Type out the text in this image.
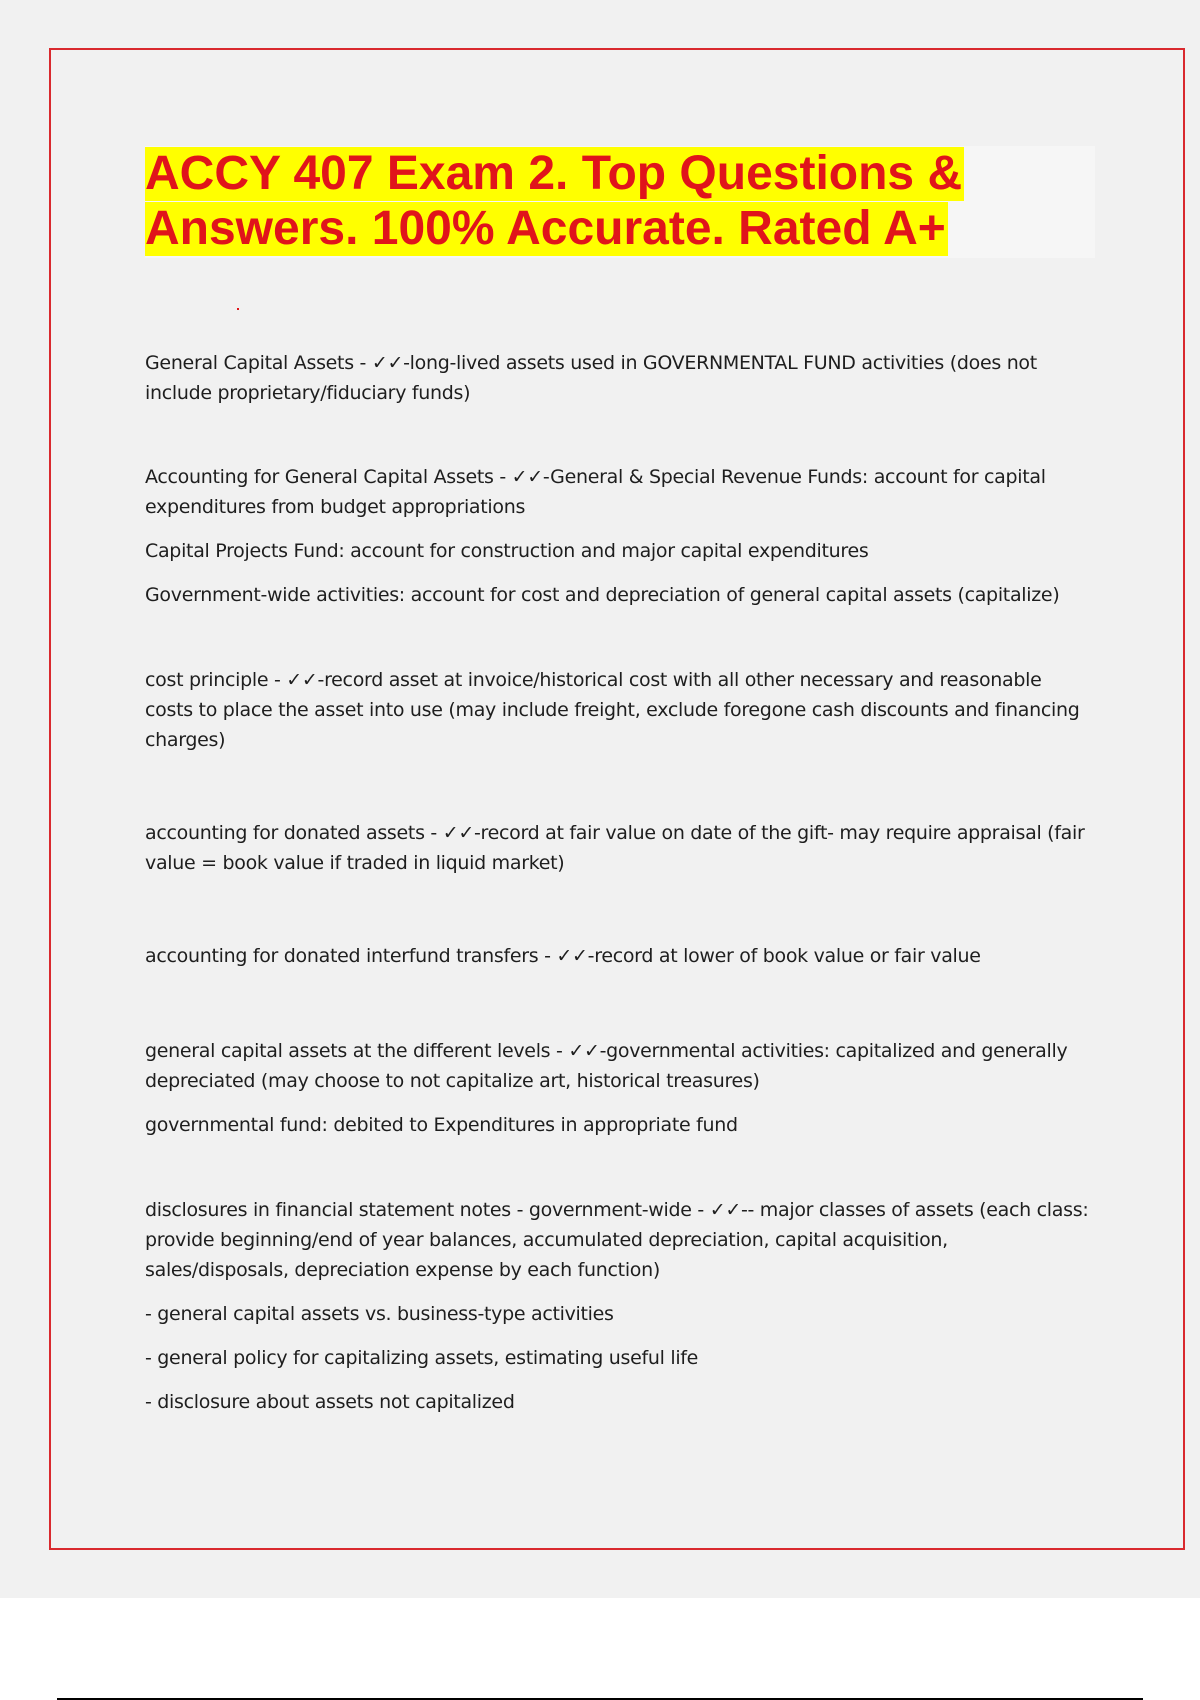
ACCY 407 Exam 2. Top Questions &
Answers. 100% Accurate. Rated A+

General Capital Assets - ✓✓-long-lived assets used in GOVERNMENTAL FUND activities (does not include proprietary/fiduciary funds)

Accounting for General Capital Assets - ✓✓-General & Special Revenue Funds: account for capital expenditures from budget appropriations

Capital Projects Fund: account for construction and major capital expenditures

Government-wide activities: account for cost and depreciation of general capital assets (capitalize)

cost principle - ✓✓-record asset at invoice/historical cost with all other necessary and reasonable costs to place the asset into use (may include freight, exclude foregone cash discounts and financing charges)

accounting for donated assets - ✓✓-record at fair value on date of the gift- may require appraisal (fair value = book value if traded in liquid market)

accounting for donated interfund transfers - ✓✓-record at lower of book value or fair value

general capital assets at the different levels - ✓✓-governmental activities: capitalized and generally depreciated (may choose to not capitalize art, historical treasures)

governmental fund: debited to Expenditures in appropriate fund

disclosures in financial statement notes - government-wide - ✓✓-- major classes of assets (each class: provide beginning/end of year balances, accumulated depreciation, capital acquisition, sales/disposals, depreciation expense by each function)

- general capital assets vs. business-type activities

- general policy for capitalizing assets, estimating useful life

- disclosure about assets not capitalized
